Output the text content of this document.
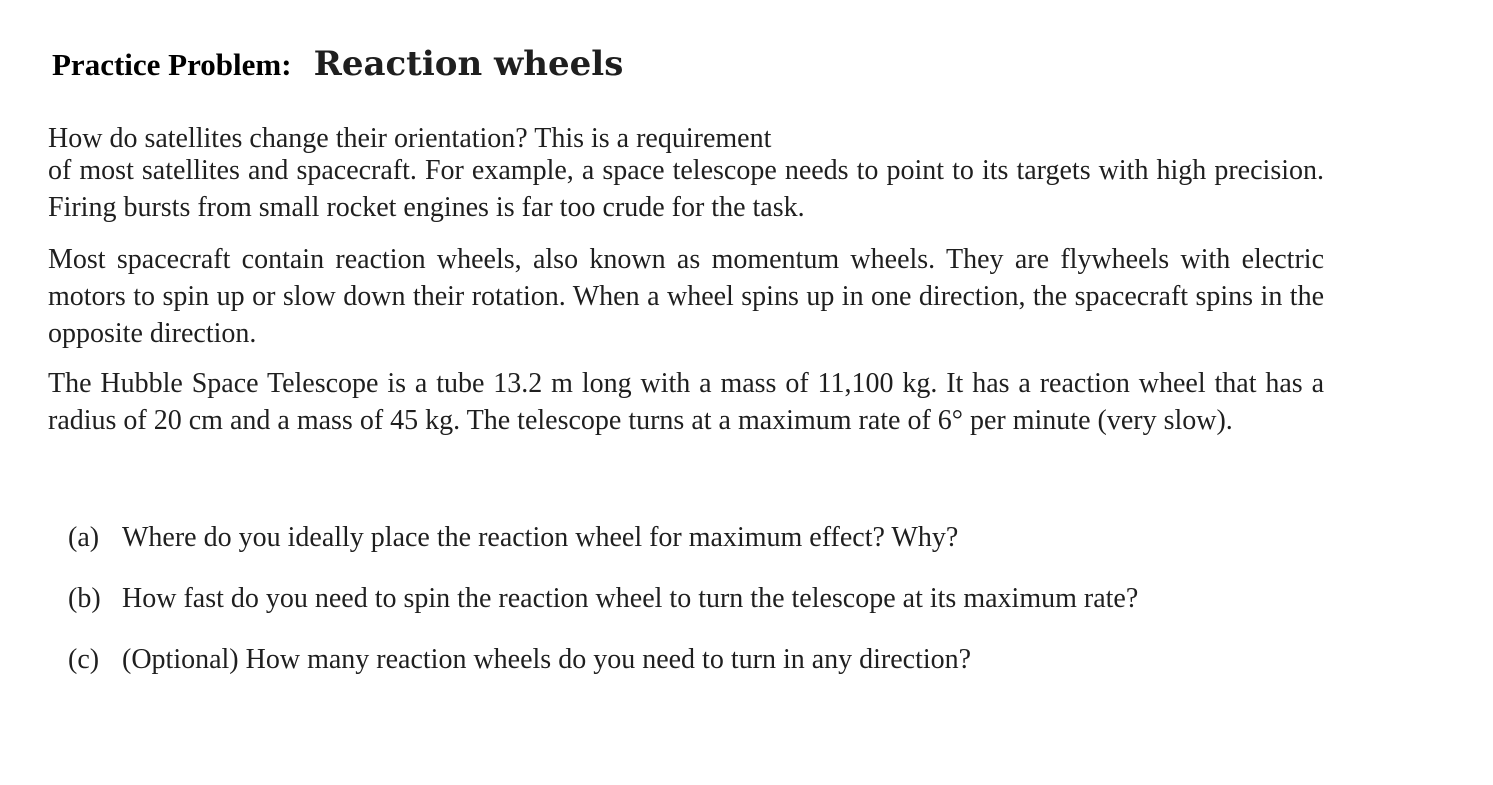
Practice Problem: Reaction wheels
How do satellites change their orientation? This is a requirement
of most satellites and spacecraft. For example, a space telescope needs to point to its targets with high precision. Firing bursts from small rocket engines is far too crude for the task.
Most spacecraft contain reaction wheels, also known as momentum wheels. They are flywheels with electric motors to spin up or slow down their rotation. When a wheel spins up in one direction, the spacecraft spins in the opposite direction.
The Hubble Space Telescope is a tube 13.2 m long with a mass of 11,100 kg. It has a reaction wheel that has a radius of 20 cm and a mass of 45 kg. The telescope turns at a maximum rate of 6° per minute (very slow).
(a) Where do you ideally place the reaction wheel for maximum effect? Why?
(b) How fast do you need to spin the reaction wheel to turn the telescope at its maximum rate?
(c) (Optional) How many reaction wheels do you need to turn in any direction?
